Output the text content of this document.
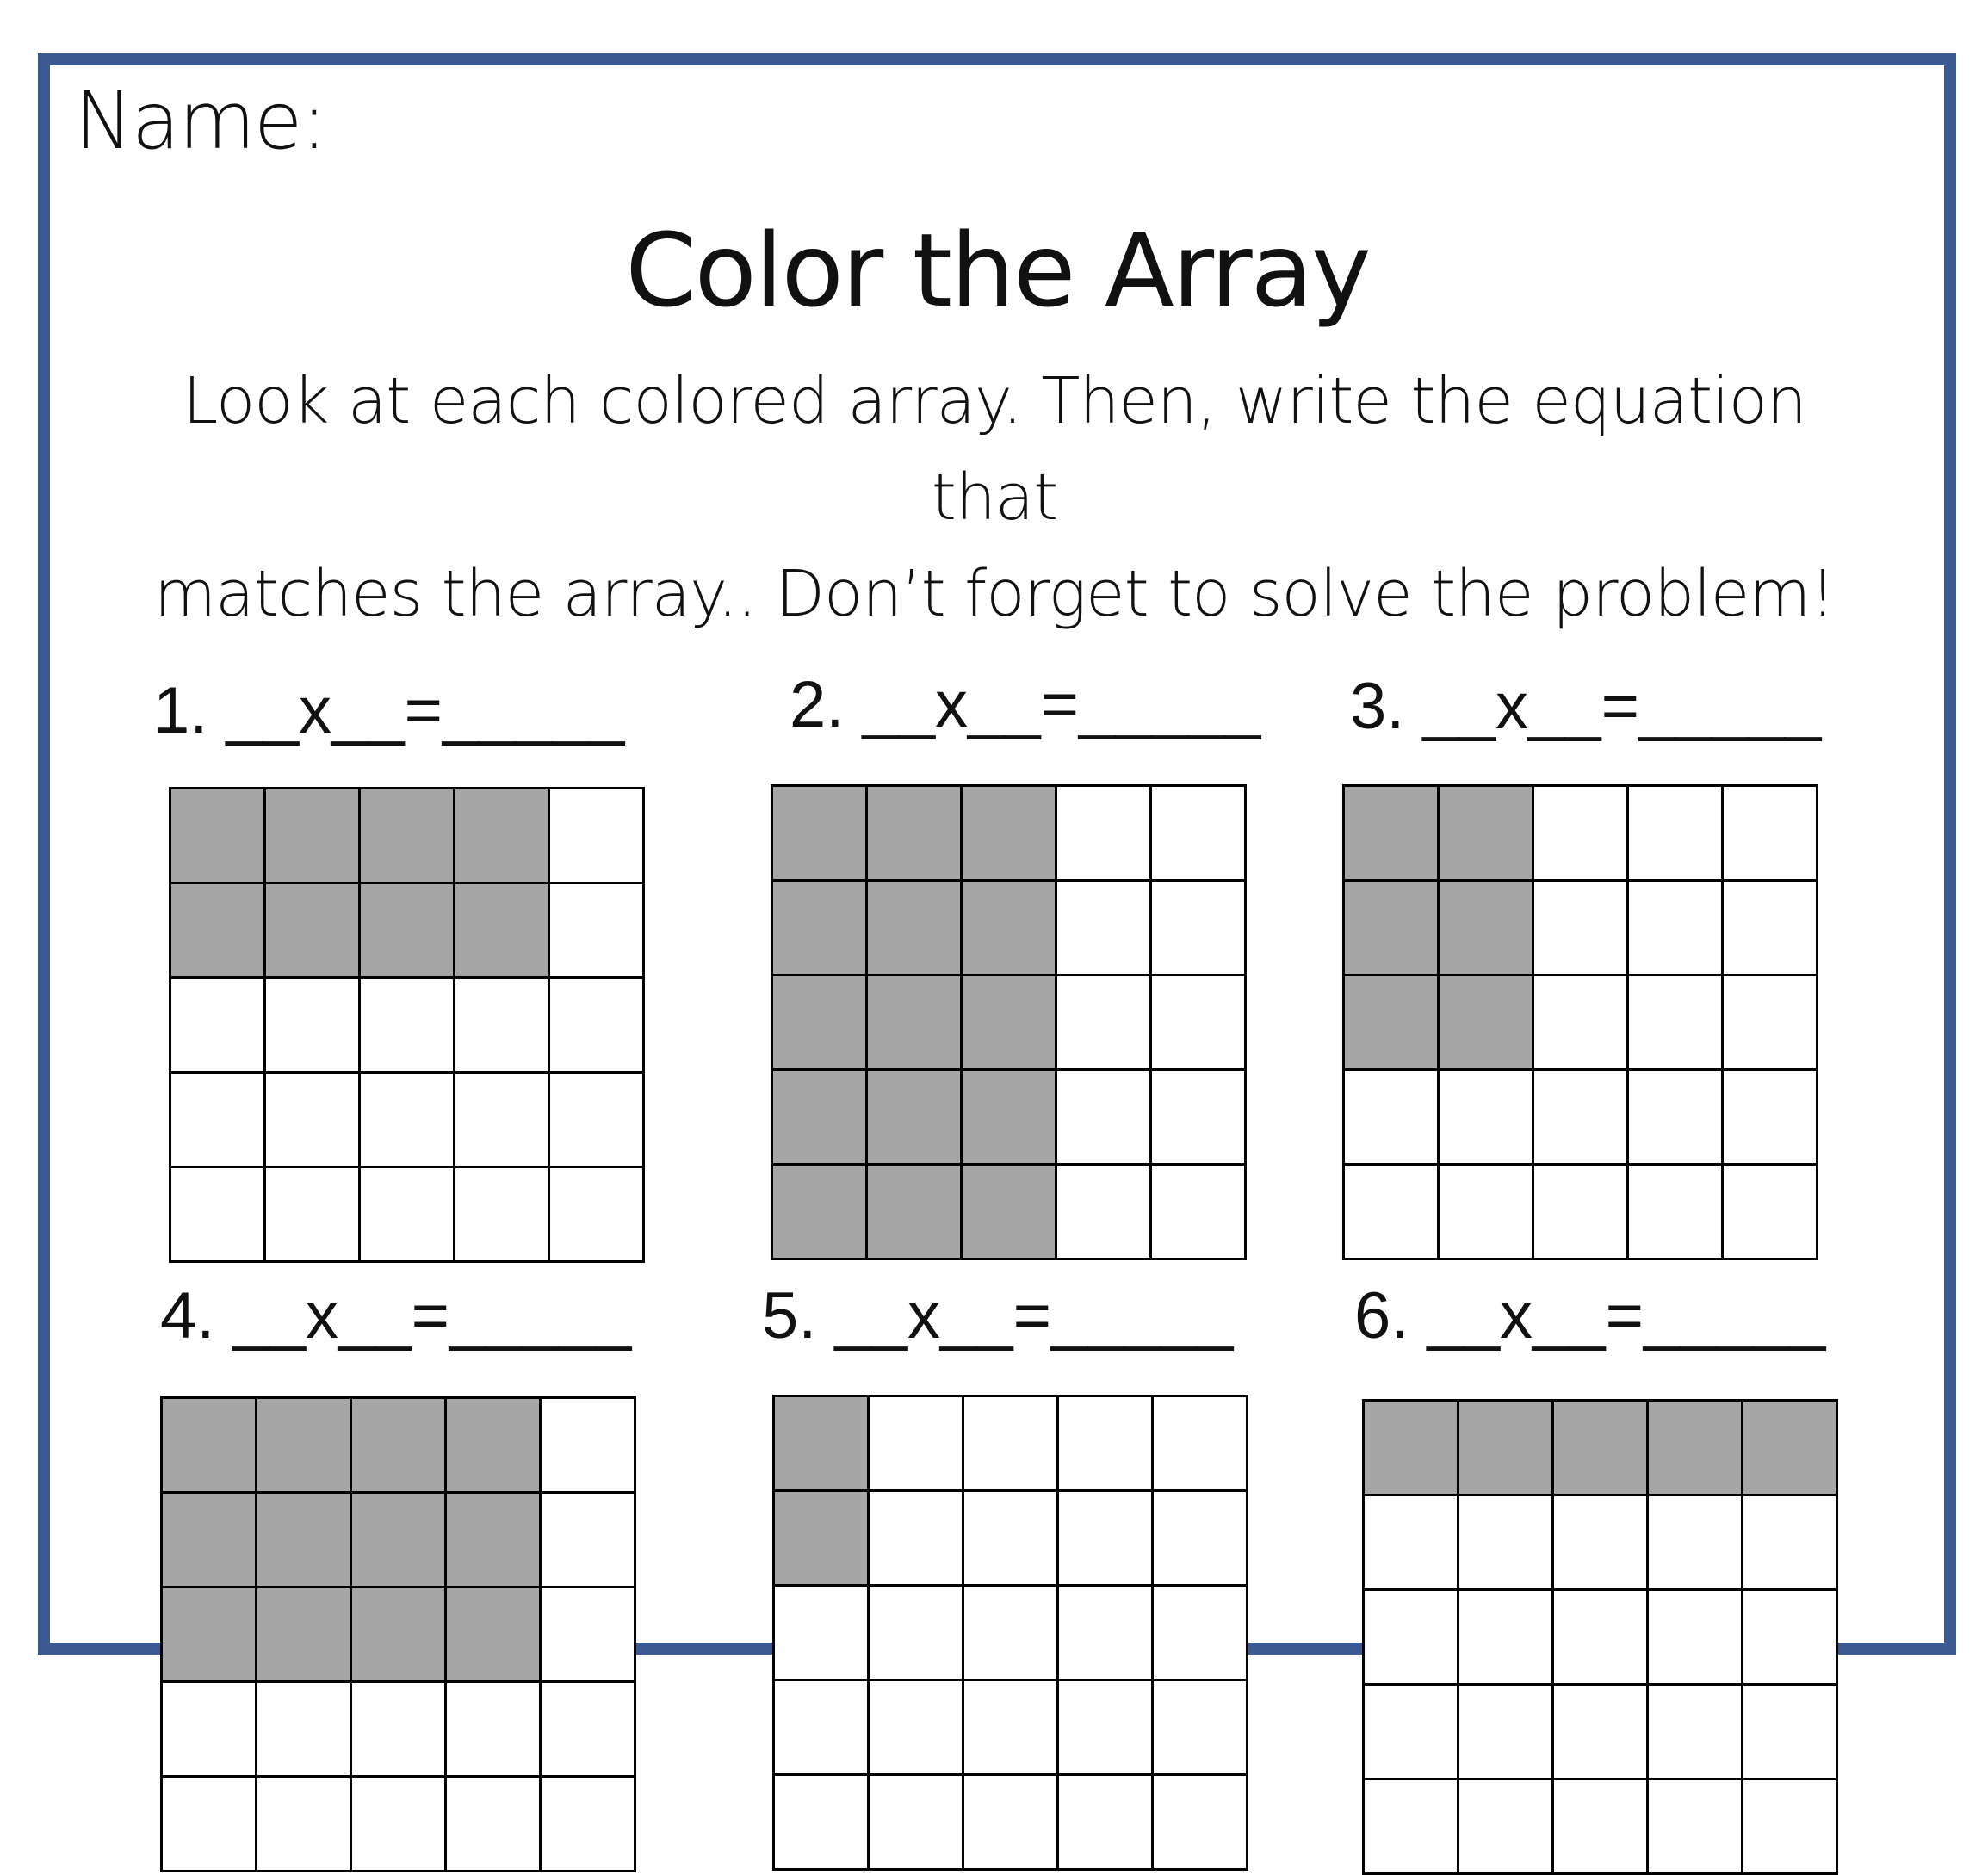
Name:
Color the Array
Look at each colored array. Then, write the equation that
matches the array.. Don’t forget to solve the problem!
1. __x__=_____	2. __x__=_____ 3. __x__=_____
4. __x__=_____ 5. __x__=_____ 6. __x__=_____
